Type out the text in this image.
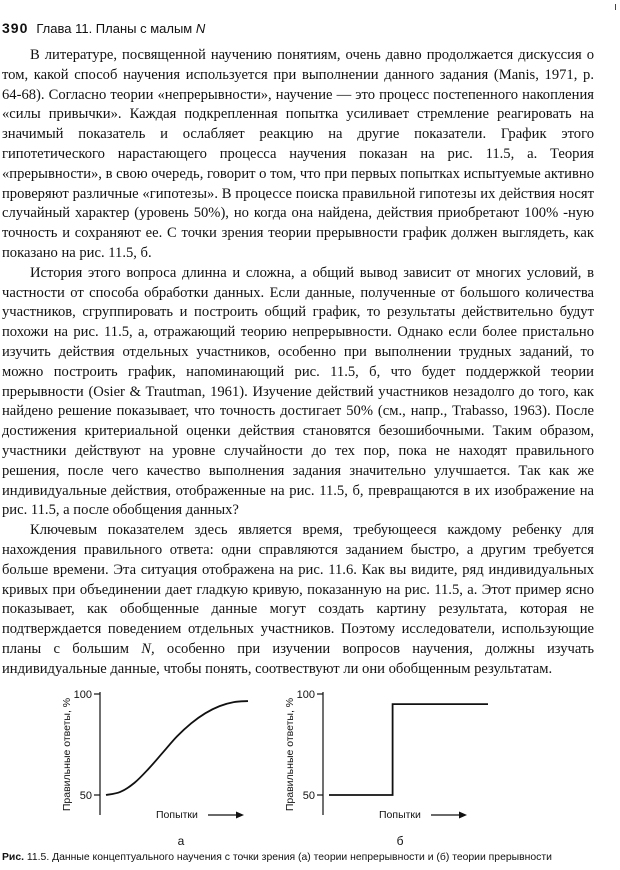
390 Глава 11. Планы с малым N

В литературе, посвященной научению понятиям, очень давно продолжается дискуссия о том, какой способ научения используется при выполнении данного задания (Manis, 1971, р. 64-68). Согласно теории «непрерывности», научение — это процесс постепенного накопления «силы привычки». Каждая подкрепленная попытка усиливает стремление реагировать на значимый показатель и ослабляет реакцию на другие показатели. График этого гипотетического нарастающего процесса научения показан на рис. 11.5, а. Теория «прерывности», в свою очередь, говорит о том, что при первых попытках испытуемые активно проверяют различные «гипотезы». В процессе поиска правильной гипотезы их действия носят случайный характер (уровень 50%), но когда она найдена, действия приобретают 100% -ную точность и сохраняют ее. С точки зрения теории прерывности график должен выглядеть, как показано на рис. 11.5, б.

История этого вопроса длинна и сложна, а общий вывод зависит от многих условий, в частности от способа обработки данных. Если данные, полученные от большого количества участников, сгруппировать и построить общий график, то результаты действительно будут похожи на рис. 11.5, а, отражающий теорию непрерывности. Однако если более пристально изучить действия отдельных участников, особенно при выполнении трудных заданий, то можно построить график, напоминающий рис. 11.5, б, что будет поддержкой теории прерывности (Osier & Trautman, 1961). Изучение действий участников незадолго до того, как найдено решение показывает, что точность достигает 50% (см., напр., Trabasso, 1963). После достижения критериальной оценки действия становятся безошибочными. Таким образом, участники действуют на уровне случайности до тех пор, пока не находят правильного решения, после чего качество выполнения задания значительно улучшается. Так как же индивидуальные действия, отображенные на рис. 11.5, б, превращаются в их изображение на рис. 11.5, а после обобщения данных?

Ключевым показателем здесь является время, требующееся каждому ребенку для нахождения правильного ответа: одни справляются заданием быстро, а другим требуется больше времени. Эта ситуация отображена на рис. 11.6. Как вы видите, ряд индивидуальных кривых при объединении дает гладкую кривую, показанную на рис. 11.5, а. Этот пример ясно показывает, как обобщенные данные могут создать картину результата, которая не подтверждается поведением отдельных участников. Поэтому исследователи, использующие планы с большим N, особенно при изучении вопросов научения, должны изучать индивидуальные данные, чтобы понять, соотвествуют ли они обобщенным результатам.

100
50
Правильные ответы, %
Попытки
а
100
50
Правильные ответы, %
Попытки
б
Рис. 11.5. Данные концептуального научения с точки зрения (а) теории непрерывности и (б) теории прерывности
